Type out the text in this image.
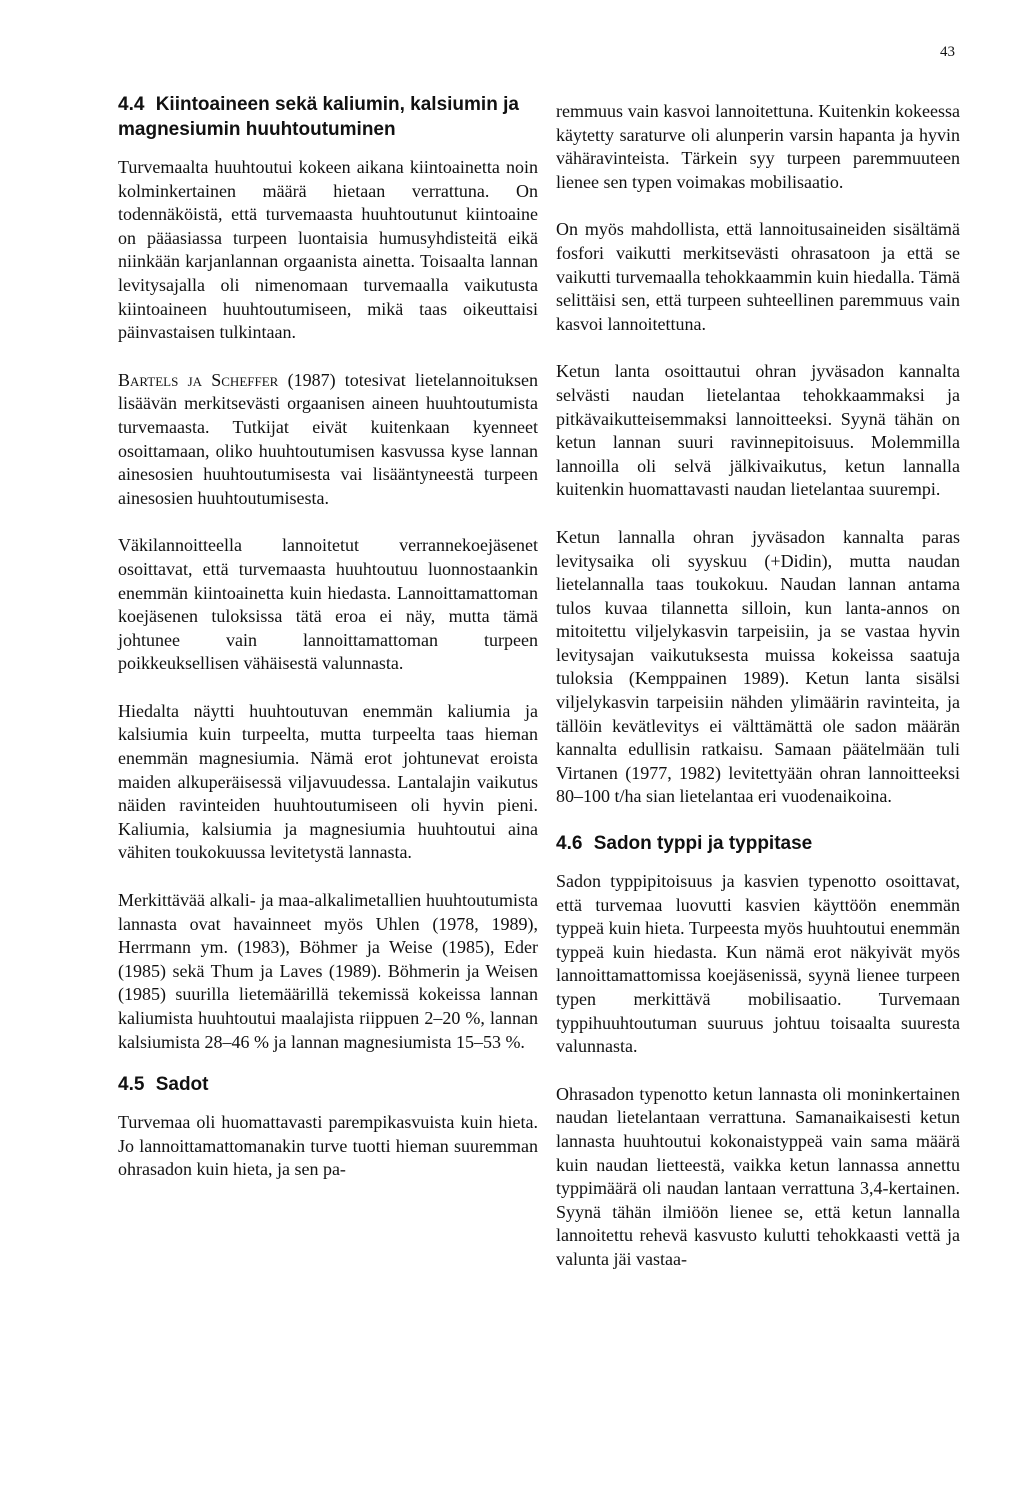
43
4.4 Kiintoaineen sekä kaliumin, kalsiumin ja magnesiumin huuhtoutuminen

Turvemaalta huuhtoutui kokeen aikana kiintoainetta noin kolminkertainen määrä hietaan verrattuna. On todennäköistä, että turvemaasta huuhtoutunut kiintoaine on pääasiassa turpeen luontaisia humusyhdisteitä eikä niinkään karjanlannan orgaanista ainetta. Toisaalta lannan levitysajalla oli nimenomaan turvemaalla vaikutusta kiintoaineen huuhtoutumiseen, mikä taas oikeuttaisi päinvastaisen tulkintaan.

Bartels ja Scheffer (1987) totesivat lietelannoituksen lisäävän merkitsevästi orgaanisen aineen huuhtoutumista turvemaasta. Tutkijat eivät kuitenkaan kyenneet osoittamaan, oliko huuhtoutumisen kasvussa kyse lannan ainesosien huuhtoutumisesta vai lisääntyneestä turpeen ainesosien huuhtoutumisesta.

Väkilannoitteella lannoitetut verrannekoejäsenet osoittavat, että turvemaasta huuhtoutuu luonnostaankin enemmän kiintoainetta kuin hiedasta. Lannoittamattoman koejäsenen tuloksissa tätä eroa ei näy, mutta tämä johtunee vain lannoittamattoman turpeen poikkeuksellisen vähäisestä valunnasta.

Hiedalta näytti huuhtoutuvan enemmän kaliumia ja kalsiumia kuin turpeelta, mutta turpeelta taas hieman enemmän magnesiumia. Nämä erot johtunevat eroista maiden alkuperäisessä viljavuudessa. Lantalajin vaikutus näiden ravinteiden huuhtoutumiseen oli hyvin pieni. Kaliumia, kalsiumia ja magnesiumia huuhtoutui aina vähiten toukokuussa levitetystä lannasta.

Merkittävää alkali- ja maa-alkalimetallien huuhtoutumista lannasta ovat havainneet myös Uhlen (1978, 1989), Herrmann ym. (1983), Böhmer ja Weise (1985), Eder (1985) sekä Thum ja Laves (1989). Böhmerin ja Weisen (1985) suurilla lietemäärillä tekemissä kokeissa lannan kaliumista huuhtoutui maalajista riippuen 2–20 %, lannan kalsiumista 28–46 % ja lannan magnesiumista 15–53 %.

4.5 Sadot

Turvemaa oli huomattavasti parempikasvuista kuin hieta. Jo lannoittamattomanakin turve tuotti hieman suuremman ohrasadon kuin hieta, ja sen pa-

remmuus vain kasvoi lannoitettuna. Kuitenkin kokeessa käytetty saraturve oli alunperin varsin hapanta ja hyvin vähäravinteista. Tärkein syy turpeen paremmuuteen lienee sen typen voimakas mobilisaatio.

On myös mahdollista, että lannoitusaineiden sisältämä fosfori vaikutti merkitsevästi ohrasatoon ja että se vaikutti turvemaalla tehokkaammin kuin hiedalla. Tämä selittäisi sen, että turpeen suhteellinen paremmuus vain kasvoi lannoitettuna.

Ketun lanta osoittautui ohran jyväsadon kannalta selvästi naudan lietelantaa tehokkaammaksi ja pitkävaikutteisemmaksi lannoitteeksi. Syynä tähän on ketun lannan suuri ravinnepitoisuus. Molemmilla lannoilla oli selvä jälkivaikutus, ketun lannalla kuitenkin huomattavasti naudan lietelantaa suurempi.

Ketun lannalla ohran jyväsadon kannalta paras levitysaika oli syyskuu (+Didin), mutta naudan lietelannalla taas toukokuu. Naudan lannan antama tulos kuvaa tilannetta silloin, kun lanta-annos on mitoitettu viljelykasvin tarpeisiin, ja se vastaa hyvin levitysajan vaikutuksesta muissa kokeissa saatuja tuloksia (Kemppainen 1989). Ketun lanta sisälsi viljelykasvin tarpeisiin nähden ylimäärin ravinteita, ja tällöin kevätlevitys ei välttämättä ole sadon määrän kannalta edullisin ratkaisu. Samaan päätelmään tuli Virtanen (1977, 1982) levitettyään ohran lannoitteeksi 80–100 t/ha sian lietelantaa eri vuodenaikoina.

4.6 Sadon typpi ja typpitase

Sadon typpipitoisuus ja kasvien typenotto osoittavat, että turvemaa luovutti kasvien käyttöön enemmän typpeä kuin hieta. Turpeesta myös huuhtoutui enemmän typpeä kuin hiedasta. Kun nämä erot näkyivät myös lannoittamattomissa koejäsenissä, syynä lienee turpeen typen merkittävä mobilisaatio. Turvemaan typpihuuhtoutuman suuruus johtuu toisaalta suuresta valunnasta.

Ohrasadon typenotto ketun lannasta oli moninkertainen naudan lietelantaan verrattuna. Samanaikaisesti ketun lannasta huuhtoutui kokonaistyppeä vain sama määrä kuin naudan lietteestä, vaikka ketun lannassa annettu typpimäärä oli naudan lantaan verrattuna 3,4-kertainen. Syynä tähän ilmiöön lienee se, että ketun lannalla lannoitettu rehevä kasvusto kulutti tehokkaasti vettä ja valunta jäi vastaa-
